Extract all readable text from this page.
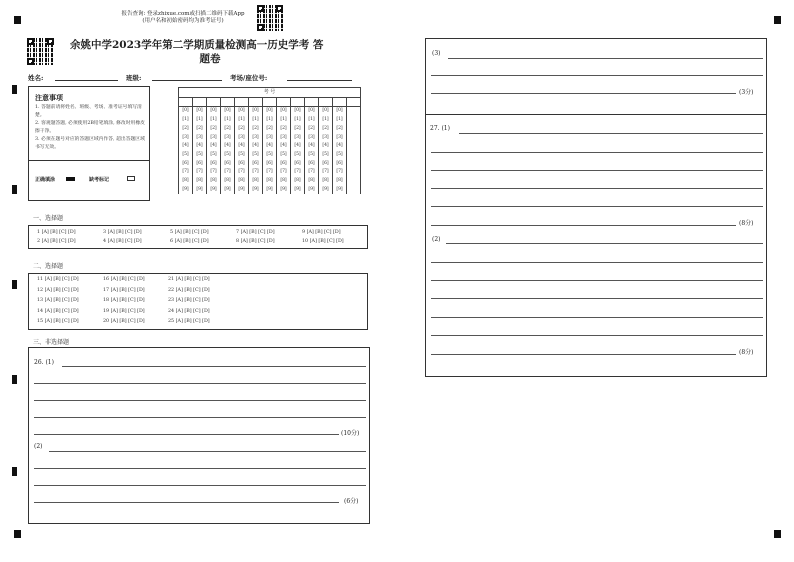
报告查询: 登录zhixue.com或扫描二维码下载App
(用户名和初始密码均为准考证号)
余姚中学2023学年第二学期质量检测高一历史学考 答
题卷
姓名:	班级:	考场/座位号:
注意事项
1. 答题前请将姓名、班级、考场、准考证号填写清楚。
2. 客观题答题, 必须使用2B铅笔填涂, 修改时用橡皮擦干净。
3. 必须在题号对应的答题区域内作答, 超出答题区域书写无效。
正确填涂	缺考标记
考 号												

[0]	[0]	[0]	[0]	[0]	[0]	[0]	[0]	[0]	[0]	[0]	[0]	
[1]	[1]	[1]	[1]	[1]	[1]	[1]	[1]	[1]	[1]	[1]	[1]	
[2]	[2]	[2]	[2]	[2]	[2]	[2]	[2]	[2]	[2]	[2]	[2]	
[3]	[3]	[3]	[3]	[3]	[3]	[3]	[3]	[3]	[3]	[3]	[3]	
[4]	[4]	[4]	[4]	[4]	[4]	[4]	[4]	[4]	[4]	[4]	[4]	
[5]	[5]	[5]	[5]	[5]	[5]	[5]	[5]	[5]	[5]	[5]	[5]	
[6]	[6]	[6]	[6]	[6]	[6]	[6]	[6]	[6]	[6]	[6]	[6]	
[7]	[7]	[7]	[7]	[7]	[7]	[7]	[7]	[7]	[7]	[7]	[7]	
[8]	[8]	[8]	[8]	[8]	[8]	[8]	[8]	[8]	[8]	[8]	[8]	
[9]	[9]	[9]	[9]	[9]	[9]	[9]	[9]	[9]	[9]	[9]	[9]	
一、选择题
1 [A] [B] [C] [D]	3 [A] [B] [C] [D]	5 [A] [B] [C] [D]	7 [A] [B] [C] [D]	9 [A] [B] [C] [D]
2 [A] [B] [C] [D]	4 [A] [B] [C] [D]	6 [A] [B] [C] [D]	8 [A] [B] [C] [D]	10 [A] [B] [C] [D]
二、选择题
11 [A] [B] [C] [D]	16 [A] [B] [C] [D]	21 [A] [B] [C] [D]
12 [A] [B] [C] [D]	17 [A] [B] [C] [D]	22 [A] [B] [C] [D]
13 [A] [B] [C] [D]	18 [A] [B] [C] [D]	23 [A] [B] [C] [D]
14 [A] [B] [C] [D]	19 [A] [B] [C] [D]	24 [A] [B] [C] [D]
15 [A] [B] [C] [D]	20 [A] [B] [C] [D]	25 [A] [B] [C] [D]
三、非选择题
26. (1)
(10分)
(2)
(6分)
(3)
(3分)
27. (1)
(8分)
(2)
(8分)
